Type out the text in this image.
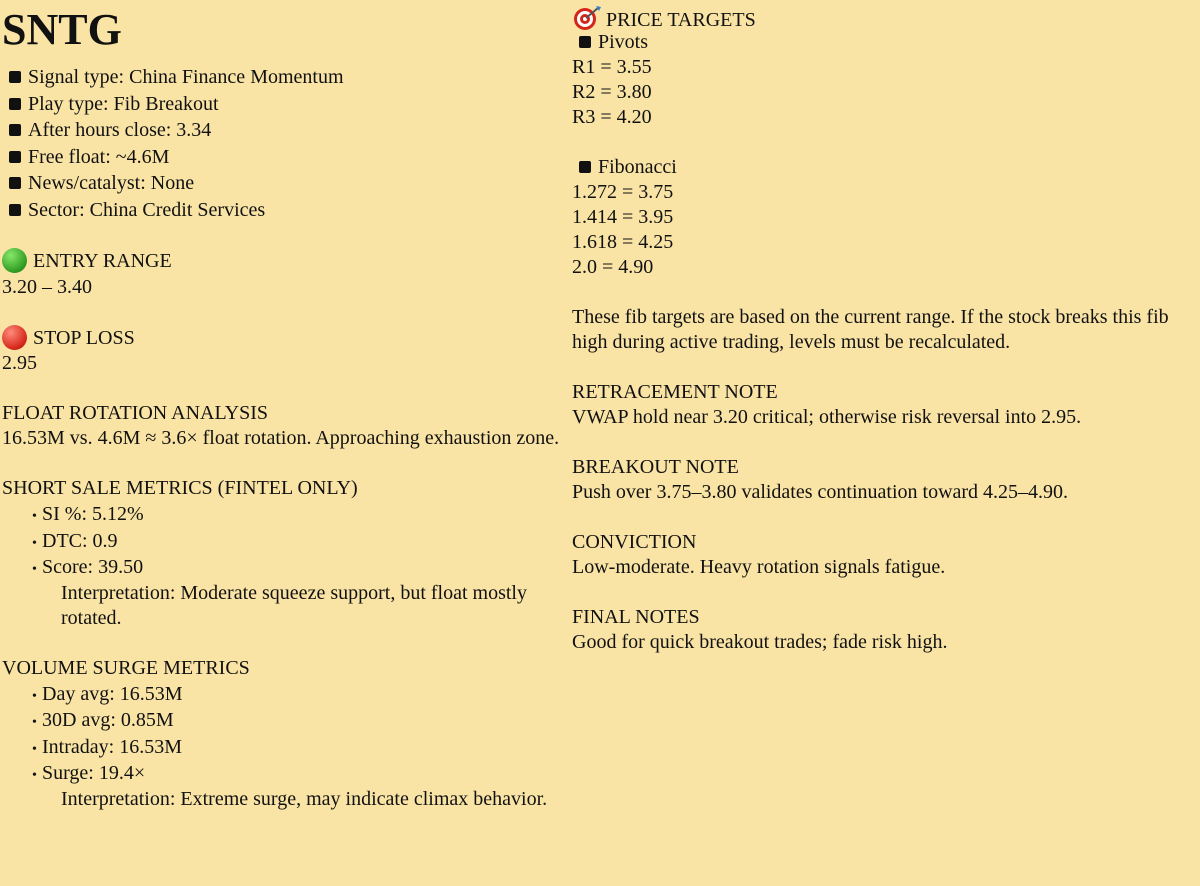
SNTG
Signal type: China Finance Momentum
Play type: Fib Breakout
After hours close: 3.34
Free float: ~4.6M
News/catalyst: None
Sector: China Credit Services
ENTRY RANGE
3.20 – 3.40
STOP LOSS
2.95
FLOAT ROTATION ANALYSIS
16.53M vs. 4.6M ≈ 3.6× float rotation. Approaching exhaustion zone.
SHORT SALE METRICS (FINTEL ONLY)
• SI %: 5.12%
• DTC: 0.9
• Score: 39.50
Interpretation: Moderate squeeze support, but float mostly rotated.
VOLUME SURGE METRICS
• Day avg: 16.53M
• 30D avg: 0.85M
• Intraday: 16.53M
• Surge: 19.4×
Interpretation: Extreme surge, may indicate climax behavior.
PRICE TARGETS
Pivots
R1 = 3.55
R2 = 3.80
R3 = 4.20
Fibonacci
1.272 = 3.75
1.414 = 3.95
1.618 = 4.25
2.0 = 4.90
These fib targets are based on the current range. If the stock breaks this fib high during active trading, levels must be recalculated.
RETRACEMENT NOTE
VWAP hold near 3.20 critical; otherwise risk reversal into 2.95.
BREAKOUT NOTE
Push over 3.75–3.80 validates continuation toward 4.25–4.90.
CONVICTION
Low-moderate. Heavy rotation signals fatigue.
FINAL NOTES
Good for quick breakout trades; fade risk high.
